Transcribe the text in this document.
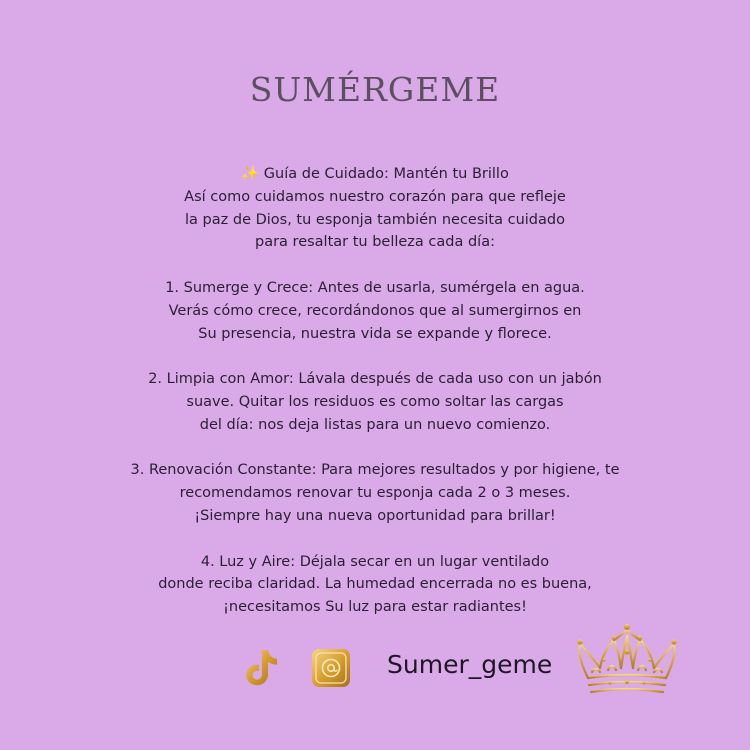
SUMÉRGEME

✨ Guía de Cuidado: Mantén tu Brillo
Así como cuidamos nuestro corazón para que refleje
la paz de Dios, tu esponja también necesita cuidado
para resaltar tu belleza cada día:

1. Sumerge y Crece: Antes de usarla, sumérgela en agua.
Verás cómo crece, recordándonos que al sumergirnos en
Su presencia, nuestra vida se expande y florece.

2. Limpia con Amor: Lávala después de cada uso con un jabón
suave. Quitar los residuos es como soltar las cargas
del día: nos deja listas para un nuevo comienzo.

3. Renovación Constante: Para mejores resultados y por higiene, te
recomendamos renovar tu esponja cada 2 o 3 meses.
¡Siempre hay una nueva oportunidad para brillar!

4. Luz y Aire: Déjala secar en un lugar ventilado
donde reciba claridad. La humedad encerrada no es buena,
¡necesitamos Su luz para estar radiantes!

Sumer_geme
